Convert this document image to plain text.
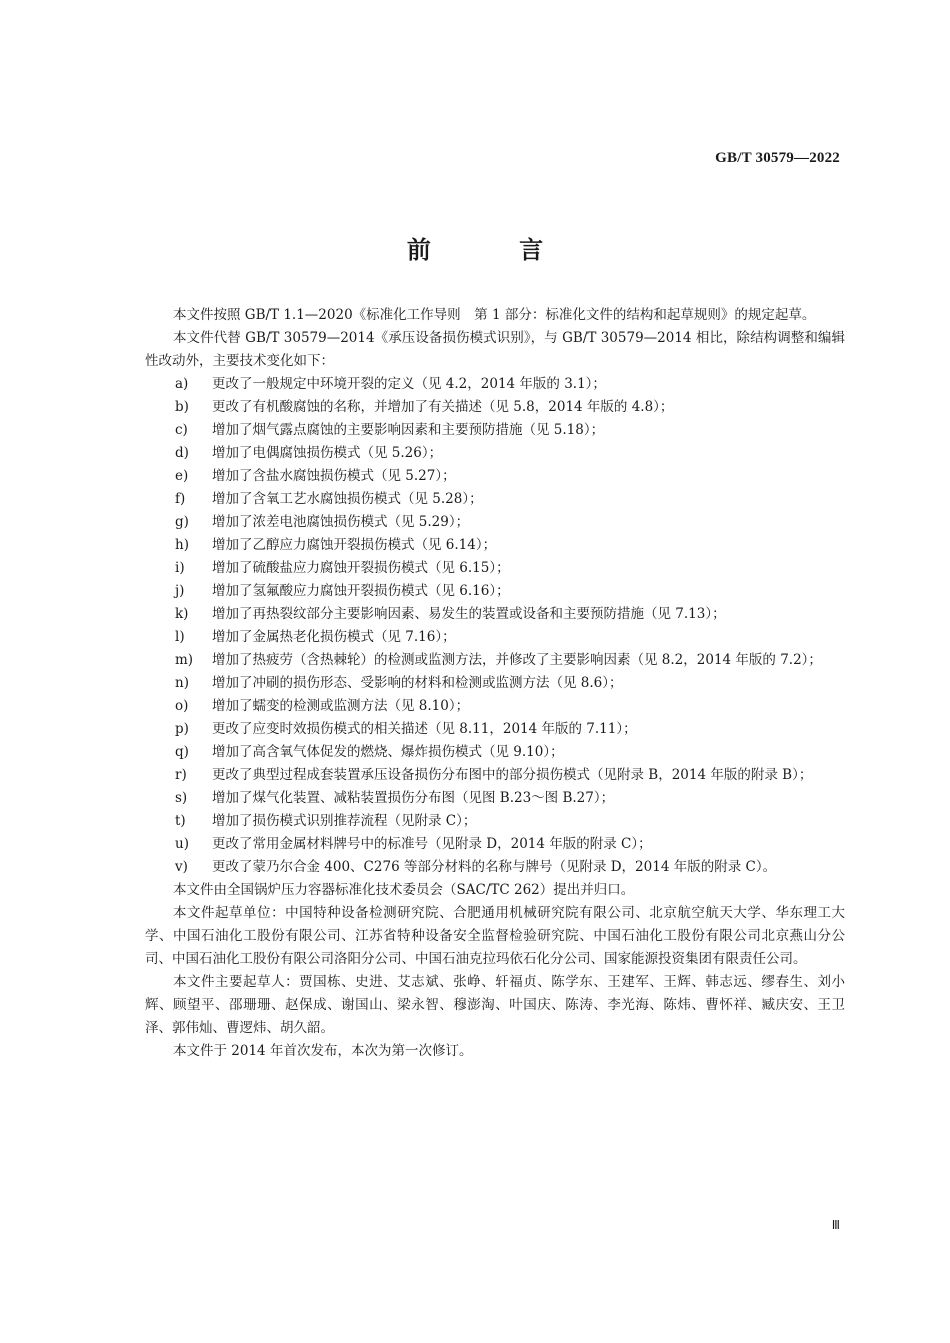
GB/T 30579—2022
前 言

本文件按照 GB/T 1.1—2020《标准化工作导则　第 1 部分：标准化文件的结构和起草规则》的规定起草。

本文件代替 GB/T 30579—2014《承压设备损伤模式识别》，与 GB/T 30579—2014 相比，除结构调整和编辑性改动外，主要技术变化如下：

a)	更改了一般规定中环境开裂的定义（见 4.2，2014 年版的 3.1）；
b)	更改了有机酸腐蚀的名称，并增加了有关描述（见 5.8，2014 年版的 4.8）；
c)	增加了烟气露点腐蚀的主要影响因素和主要预防措施（见 5.18）；
d)	增加了电偶腐蚀损伤模式（见 5.26）；
e)	增加了含盐水腐蚀损伤模式（见 5.27）；
f)	增加了含氧工艺水腐蚀损伤模式（见 5.28）；
g)	增加了浓差电池腐蚀损伤模式（见 5.29）；
h)	增加了乙醇应力腐蚀开裂损伤模式（见 6.14）；
i)	增加了硫酸盐应力腐蚀开裂损伤模式（见 6.15）；
j)	增加了氢氟酸应力腐蚀开裂损伤模式（见 6.16）；
k)	增加了再热裂纹部分主要影响因素、易发生的装置或设备和主要预防措施（见 7.13）；
l)	增加了金属热老化损伤模式（见 7.16）；
m)	增加了热疲劳（含热棘轮）的检测或监测方法，并修改了主要影响因素（见 8.2，2014 年版的 7.2）；
n)	增加了冲刷的损伤形态、受影响的材料和检测或监测方法（见 8.6）；
o)	增加了蠕变的检测或监测方法（见 8.10）；
p)	更改了应变时效损伤模式的相关描述（见 8.11，2014 年版的 7.11）；
q)	增加了高含氧气体促发的燃烧、爆炸损伤模式（见 9.10）；
r)	更改了典型过程成套装置承压设备损伤分布图中的部分损伤模式（见附录 B，2014 年版的附录 B）；
s)	增加了煤气化装置、减粘装置损伤分布图（见图 B.23～图 B.27）；
t)	增加了损伤模式识别推荐流程（见附录 C）；
u)	更改了常用金属材料牌号中的标准号（见附录 D，2014 年版的附录 C）；
v)	更改了蒙乃尔合金 400、C276 等部分材料的名称与牌号（见附录 D，2014 年版的附录 C）。

本文件由全国锅炉压力容器标准化技术委员会（SAC/TC 262）提出并归口。

本文件起草单位：中国特种设备检测研究院、合肥通用机械研究院有限公司、北京航空航天大学、华东理工大学、中国石油化工股份有限公司、江苏省特种设备安全监督检验研究院、中国石油化工股份有限公司北京燕山分公司、中国石油化工股份有限公司洛阳分公司、中国石油克拉玛依石化分公司、国家能源投资集团有限责任公司。

本文件主要起草人：贾国栋、史进、艾志斌、张峥、轩福贞、陈学东、王建军、王辉、韩志远、缪春生、刘小辉、顾望平、邵珊珊、赵保成、谢国山、梁永智、穆澎淘、叶国庆、陈涛、李光海、陈炜、曹怀祥、臧庆安、王卫泽、郭伟灿、曹逻炜、胡久韶。

本文件于 2014 年首次发布，本次为第一次修订。

Ⅲ
